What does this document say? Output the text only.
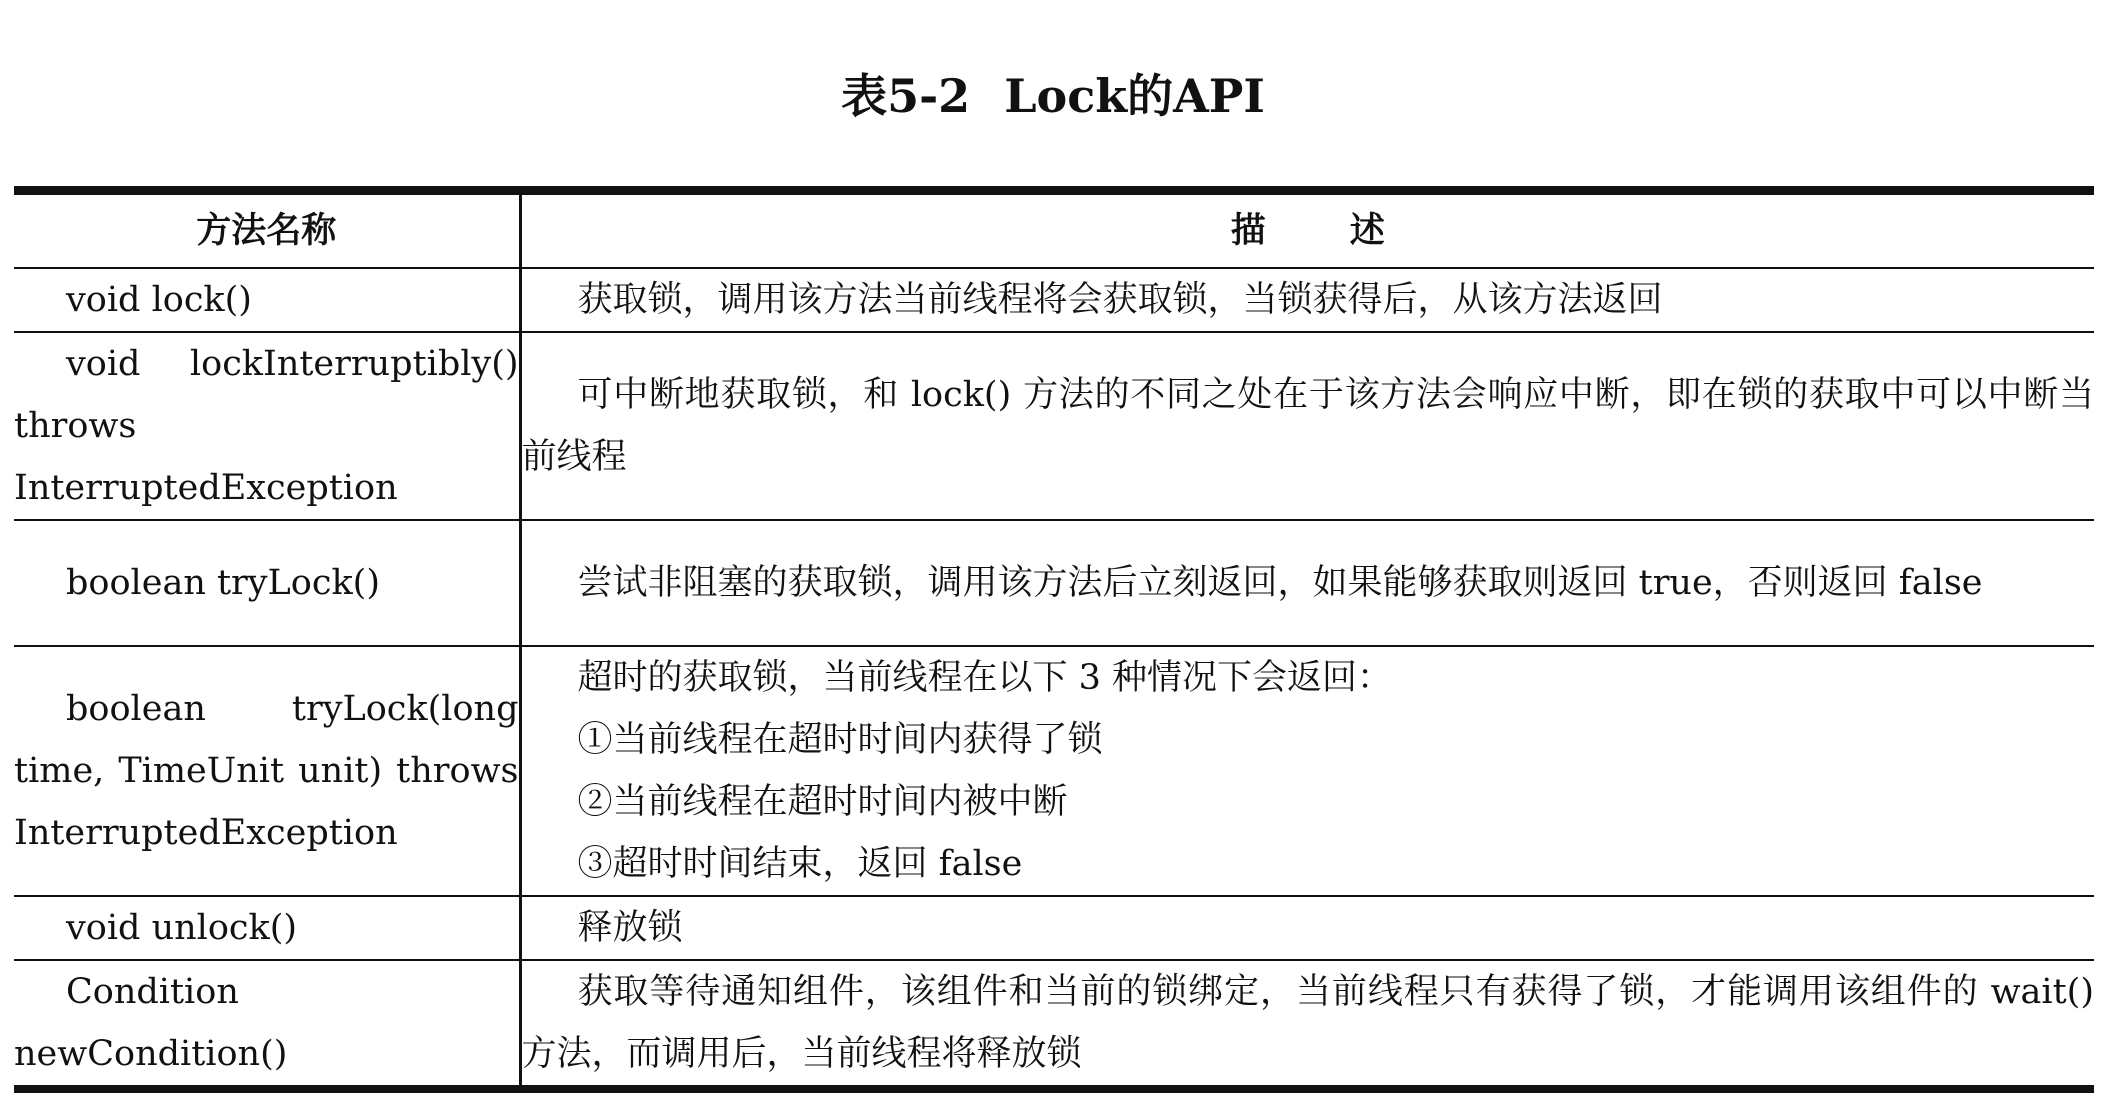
表5-2 Lock的API
方法名称	描述
void lock()	获取锁，调用该方法当前线程将会获取锁，当锁获得后，从该方法返回
void lockInterruptibly() throws InterruptedException	可中断地获取锁，和 lock() 方法的不同之处在于该方法会响应中断，即在锁的获取中可以中断当前线程
boolean tryLock()	尝试非阻塞的获取锁，调用该方法后立刻返回，如果能够获取则返回 true，否则返回 false
boolean tryLock(long time, TimeUnit unit) throws InterruptedException	超时的获取锁，当前线程在以下 3 种情况下会返回：
①当前线程在超时时间内获得了锁
②当前线程在超时时间内被中断
③超时时间结束，返回 false

void unlock()	释放锁
Condition newCondition()	获取等待通知组件，该组件和当前的锁绑定，当前线程只有获得了锁，才能调用该组件的 wait() 方法，而调用后，当前线程将释放锁
